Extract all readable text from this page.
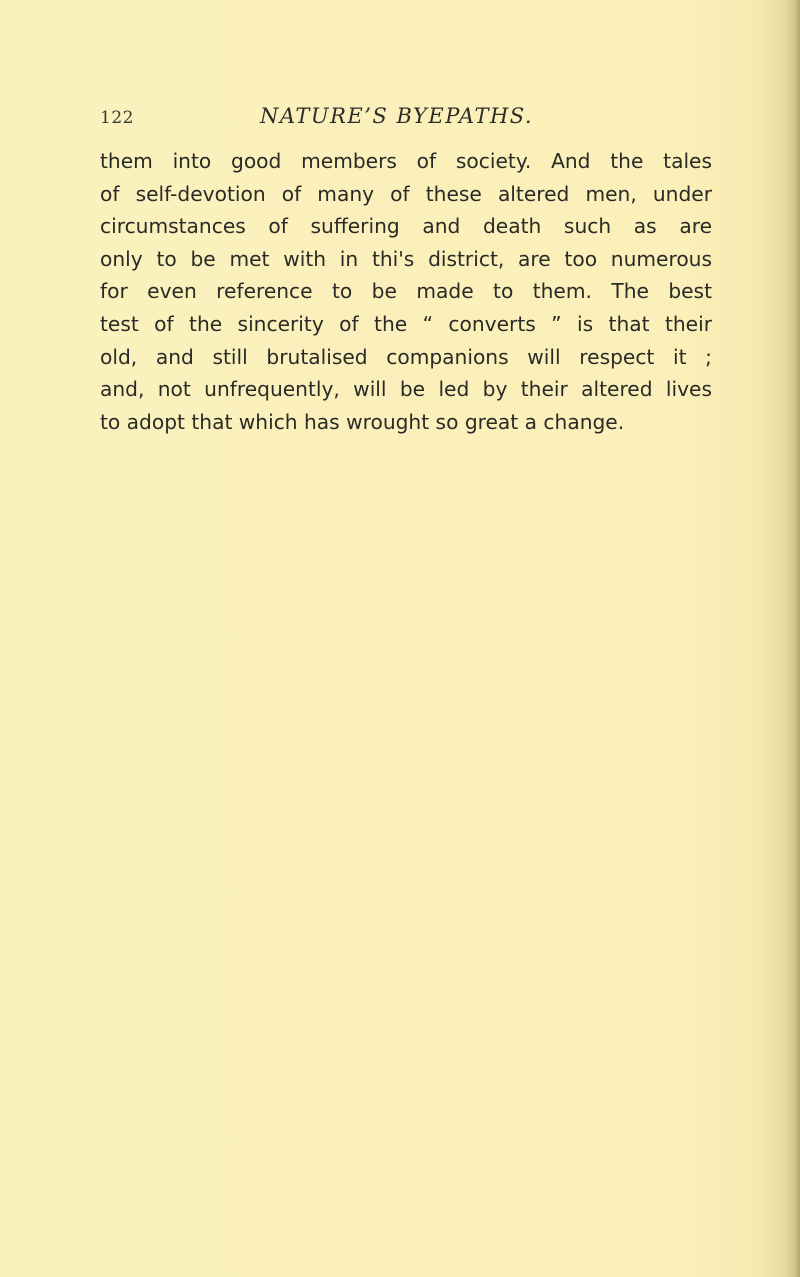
122	NATURE’S BYEPATHS.
them into good members of society. And the tales
of self-devotion of many of these altered men, under
circumstances of suffering and death such as are
only to be met with in thi's district, are too numerous
for even reference to be made to them. The best
test of the sincerity of the “ converts ” is that their
old, and still brutalised companions will respect it ;
and, not unfrequently, will be led by their altered lives
to adopt that which has wrought so great a change.
